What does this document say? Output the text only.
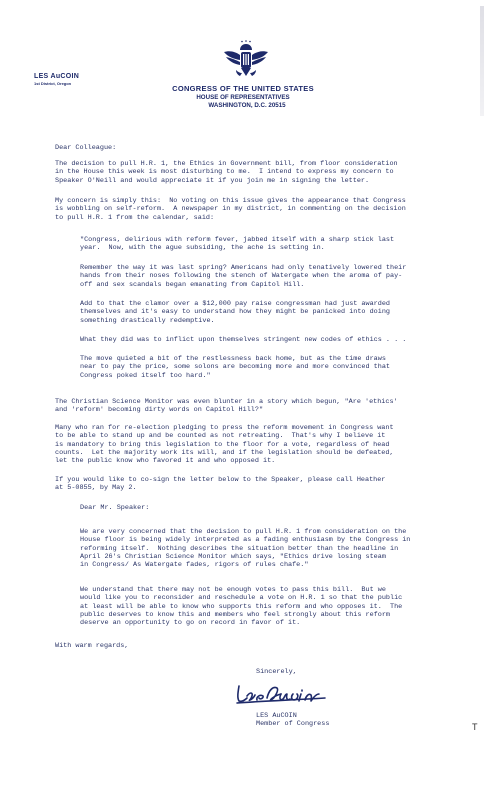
LES AuCOIN
1st District, Oregon
CONGRESS OF THE UNITED STATES
HOUSE OF REPRESENTATIVES
WASHINGTON, D.C. 20515
Dear Colleague:
The decision to pull H.R. 1, the Ethics in Government bill, from floor consideration
in the House this week is most disturbing to me.  I intend to express my concern to
Speaker O'Neill and would appreciate it if you join me in signing the letter.
My concern is simply this:  No voting on this issue gives the appearance that Congress
is wobbling on self-reform.  A newspaper in my district, in commenting on the decision
to pull H.R. 1 from the calendar, said:
"Congress, delirious with reform fever, jabbed itself with a sharp stick last
year.  Now, with the ague subsiding, the ache is setting in.
Remember the way it was last spring? Americans had only tenatively lowered their
hands from their noses following the stench of Watergate when the aroma of pay-
off and sex scandals began emanating from Capitol Hill.
Add to that the clamor over a $12,000 pay raise congressman had just awarded
themselves and it's easy to understand how they might be panicked into doing
something drastically redemptive.
What they did was to inflict upon themselves stringent new codes of ethics . . .
The move quieted a bit of the restlessness back home, but as the time draws
near to pay the price, some solons are becoming more and more convinced that
Congress poked itself too hard."
The Christian Science Monitor was even blunter in a story which begun, "Are 'ethics'
and 'reform' becoming dirty words on Capitol Hill?"
Many who ran for re-election pledging to press the reform movement in Congress want
to be able to stand up and be counted as not retreating.  That's why I believe it
is mandatory to bring this legislation to the floor for a vote, regardless of head
counts.  Let the majority work its will, and if the legislation should be defeated,
let the public know who favored it and who opposed it.
If you would like to co-sign the letter below to the Speaker, please call Heather
at 5-0855, by May 2.
Dear Mr. Speaker:
We are very concerned that the decision to pull H.R. 1 from consideration on the
House floor is being widely interpreted as a fading enthusiasm by the Congress in
reforming itself.  Nothing describes the situation better than the headline in
April 26's Christian Science Monitor which says, "Ethics drive losing steam
in Congress/ As Watergate fades, rigors of rules chafe."
We understand that there may not be enough votes to pass this bill.  But we
would like you to reconsider and reschedule a vote on H.R. 1 so that the public
at least will be able to know who supports this reform and who opposes it.  The
public deserves to know this and members who feel strongly about this reform
deserve an opportunity to go on record in favor of it.
With warm regards,
Sincerely,
LES AuCOIN
Member of Congress	T
